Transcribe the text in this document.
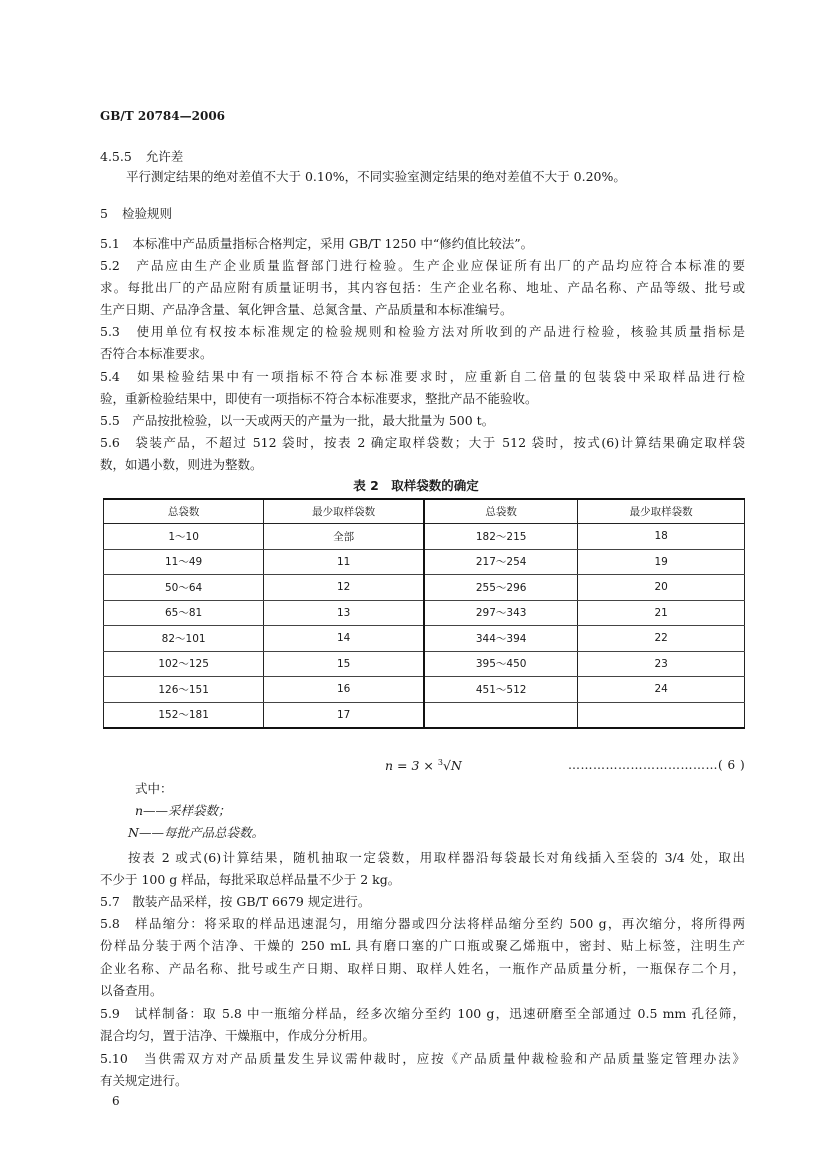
GB/T 20784—2006
4.5.5 允许差
平行测定结果的绝对差值不大于 0.10%，不同实验室测定结果的绝对差值不大于 0.20%。
5 检验规则
5.1　本标准中产品质量指标合格判定，采用 GB/T 1250 中“修约值比较法”。
5.2　产品应由生产企业质量监督部门进行检验。生产企业应保证所有出厂的产品均应符合本标准的要
求。每批出厂的产品应附有质量证明书，其内容包括：生产企业名称、地址、产品名称、产品等级、批号或
生产日期、产品净含量、氧化钾含量、总氮含量、产品质量和本标准编号。
5.3　使用单位有权按本标准规定的检验规则和检验方法对所收到的产品进行检验，核验其质量指标是
否符合本标准要求。
5.4　如果检验结果中有一项指标不符合本标准要求时，应重新自二倍量的包装袋中采取样品进行检
验，重新检验结果中，即使有一项指标不符合本标准要求，整批产品不能验收。
5.5　产品按批检验，以一天或两天的产量为一批，最大批量为 500 t。
5.6　袋装产品，不超过 512 袋时，按表 2 确定取样袋数；大于 512 袋时，按式(6)计算结果确定取样袋
数，如遇小数，则进为整数。
表 2　取样袋数的确定
总袋数	最少取样袋数	总袋数	最少取样袋数
1～10	全部	182～215	18
11～49	11	217～254	19
50～64	12	255～296	20
65～81	13	297～343	21
82～101	14	344～394	22
102～125	15	395～450	23
126～151	16	451～512	24
152～181	17		
n = 3 × $^3$√N	………………………………( 6 )
式中：
n——采样袋数；
N——每批产品总袋数。
按表 2 或式(6)计算结果，随机抽取一定袋数，用取样器沿每袋最长对角线插入至袋的 3/4 处，取出
不少于 100 g 样品，每批采取总样品量不少于 2 kg。
5.7　散装产品采样，按 GB/T 6679 规定进行。
5.8　样品缩分：将采取的样品迅速混匀，用缩分器或四分法将样品缩分至约 500 g，再次缩分，将所得两
份样品分装于两个洁净、干燥的 250 mL 具有磨口塞的广口瓶或聚乙烯瓶中，密封、贴上标签，注明生产
企业名称、产品名称、批号或生产日期、取样日期、取样人姓名，一瓶作产品质量分析，一瓶保存二个月，
以备查用。
5.9　试样制备：取 5.8 中一瓶缩分样品，经多次缩分至约 100 g，迅速研磨至全部通过 0.5 mm 孔径筛，
混合均匀，置于洁净、干燥瓶中，作成分分析用。
5.10　当供需双方对产品质量发生异议需仲裁时，应按《产品质量仲裁检验和产品质量鉴定管理办法》
有关规定进行。
6
